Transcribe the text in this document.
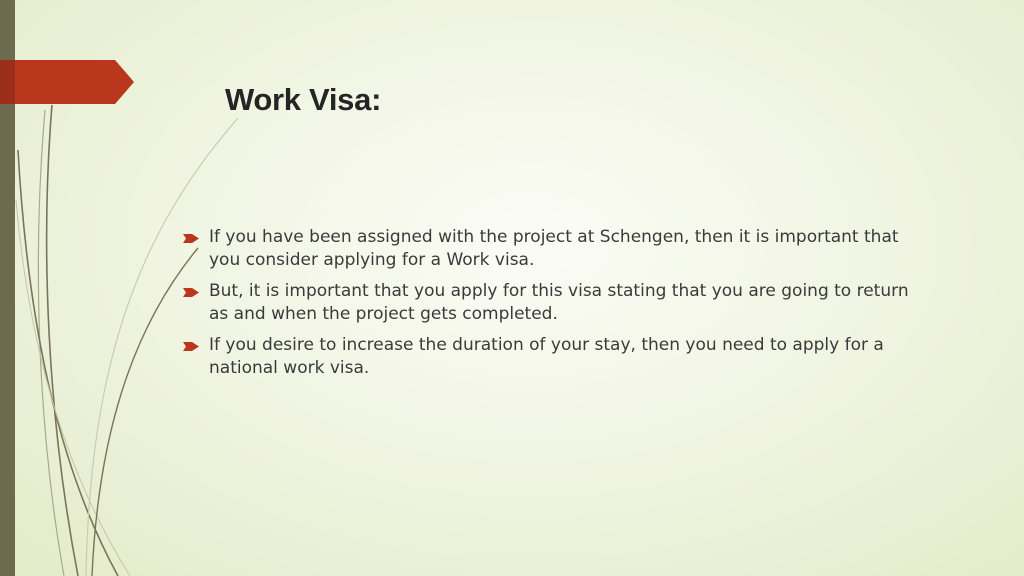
Work Visa:
If you have been assigned with the project at Schengen, then it is important that you consider applying for a Work visa.
But, it is important that you apply for this visa stating that you are going to return as and when the project gets completed.
If you desire to increase the duration of your stay, then you need to apply for a national work visa.
